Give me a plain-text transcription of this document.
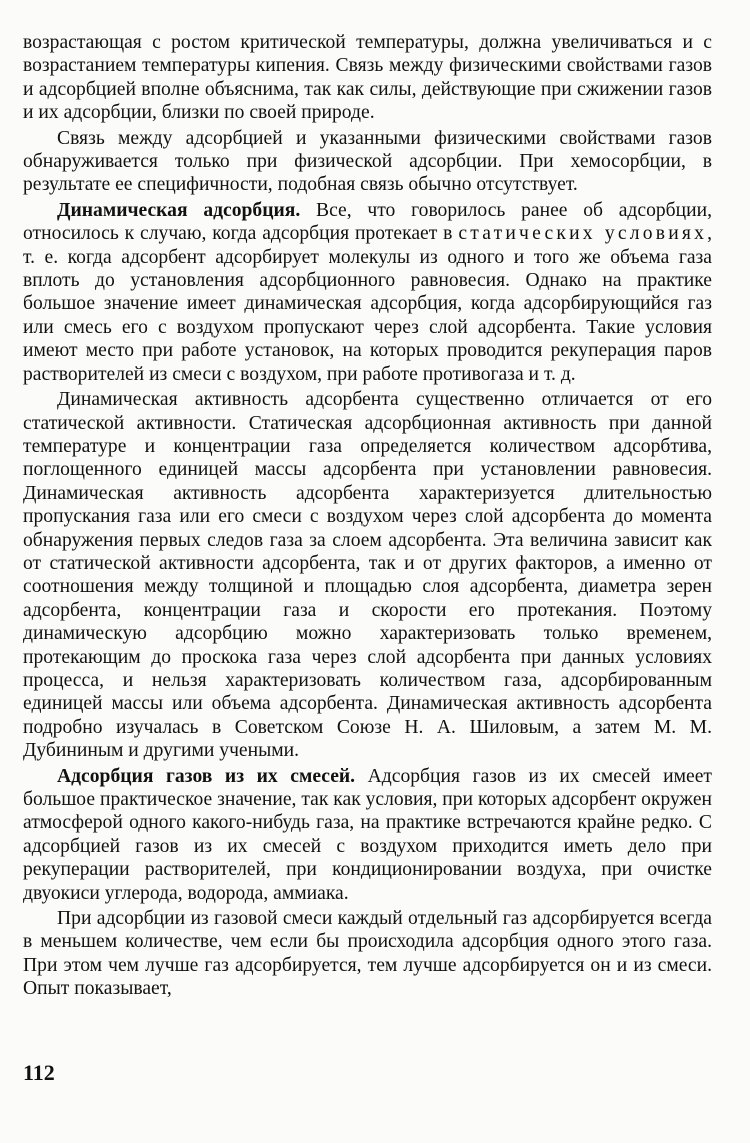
возрастающая с ростом критической температуры, должна увеличиваться и с возрастанием температуры кипения. Связь между физическими свойствами газов и адсорбцией вполне объяснима, так как силы, действующие при сжижении газов и их адсорбции, близки по своей природе.

Связь между адсорбцией и указанными физическими свойствами газов обнаруживается только при физической адсорбции. При хемосорбции, в результате ее специфичности, подобная связь обычно отсутствует.

Динамическая адсорбция. Все, что говорилось ранее об адсорбции, относилось к случаю, когда адсорбция протекает в статических условиях, т. е. когда адсорбент адсорбирует молекулы из одного и того же объема газа вплоть до установления адсорбционного равновесия. Однако на практике большое значение имеет динамическая адсорбция, когда адсорбирующийся газ или смесь его с воздухом пропускают через слой адсорбента. Такие условия имеют место при работе установок, на которых проводится рекуперация паров растворителей из смеси с воздухом, при работе противогаза и т. д.

Динамическая активность адсорбента существенно отличается от его статической активности. Статическая адсорбционная активность при данной температуре и концентрации газа определяется количеством адсорбтива, поглощенного единицей массы адсорбента при установлении равновесия. Динамическая активность адсорбента характеризуется длительностью пропускания газа или его смеси с воздухом через слой адсорбента до момента обнаружения первых следов газа за слоем адсорбента. Эта величина зависит как от статической активности адсорбента, так и от других факторов, а именно от соотношения между толщиной и площадью слоя адсорбента, диаметра зерен адсорбента, концентрации газа и скорости его протекания. Поэтому динамическую адсорбцию можно характеризовать только временем, протекающим до проскока газа через слой адсорбента при данных условиях процесса, и нельзя характеризовать количеством газа, адсорбированным единицей массы или объема адсорбента. Динамическая активность адсорбента подробно изучалась в Советском Союзе Н. А. Шиловым, а затем М. М. Дубининым и другими учеными.

Адсорбция газов из их смесей. Адсорбция газов из их смесей имеет большое практическое значение, так как условия, при которых адсорбент окружен атмосферой одного какого-нибудь газа, на практике встречаются крайне редко. С адсорбцией газов из их смесей с воздухом приходится иметь дело при рекуперации растворителей, при кондиционировании воздуха, при очистке двуокиси углерода, водорода, аммиака.

При адсорбции из газовой смеси каждый отдельный газ адсорбируется всегда в меньшем количестве, чем если бы происходила адсорбция одного этого газа. При этом чем лучше газ адсорбируется, тем лучше адсорбируется он и из смеси. Опыт показывает,

112
